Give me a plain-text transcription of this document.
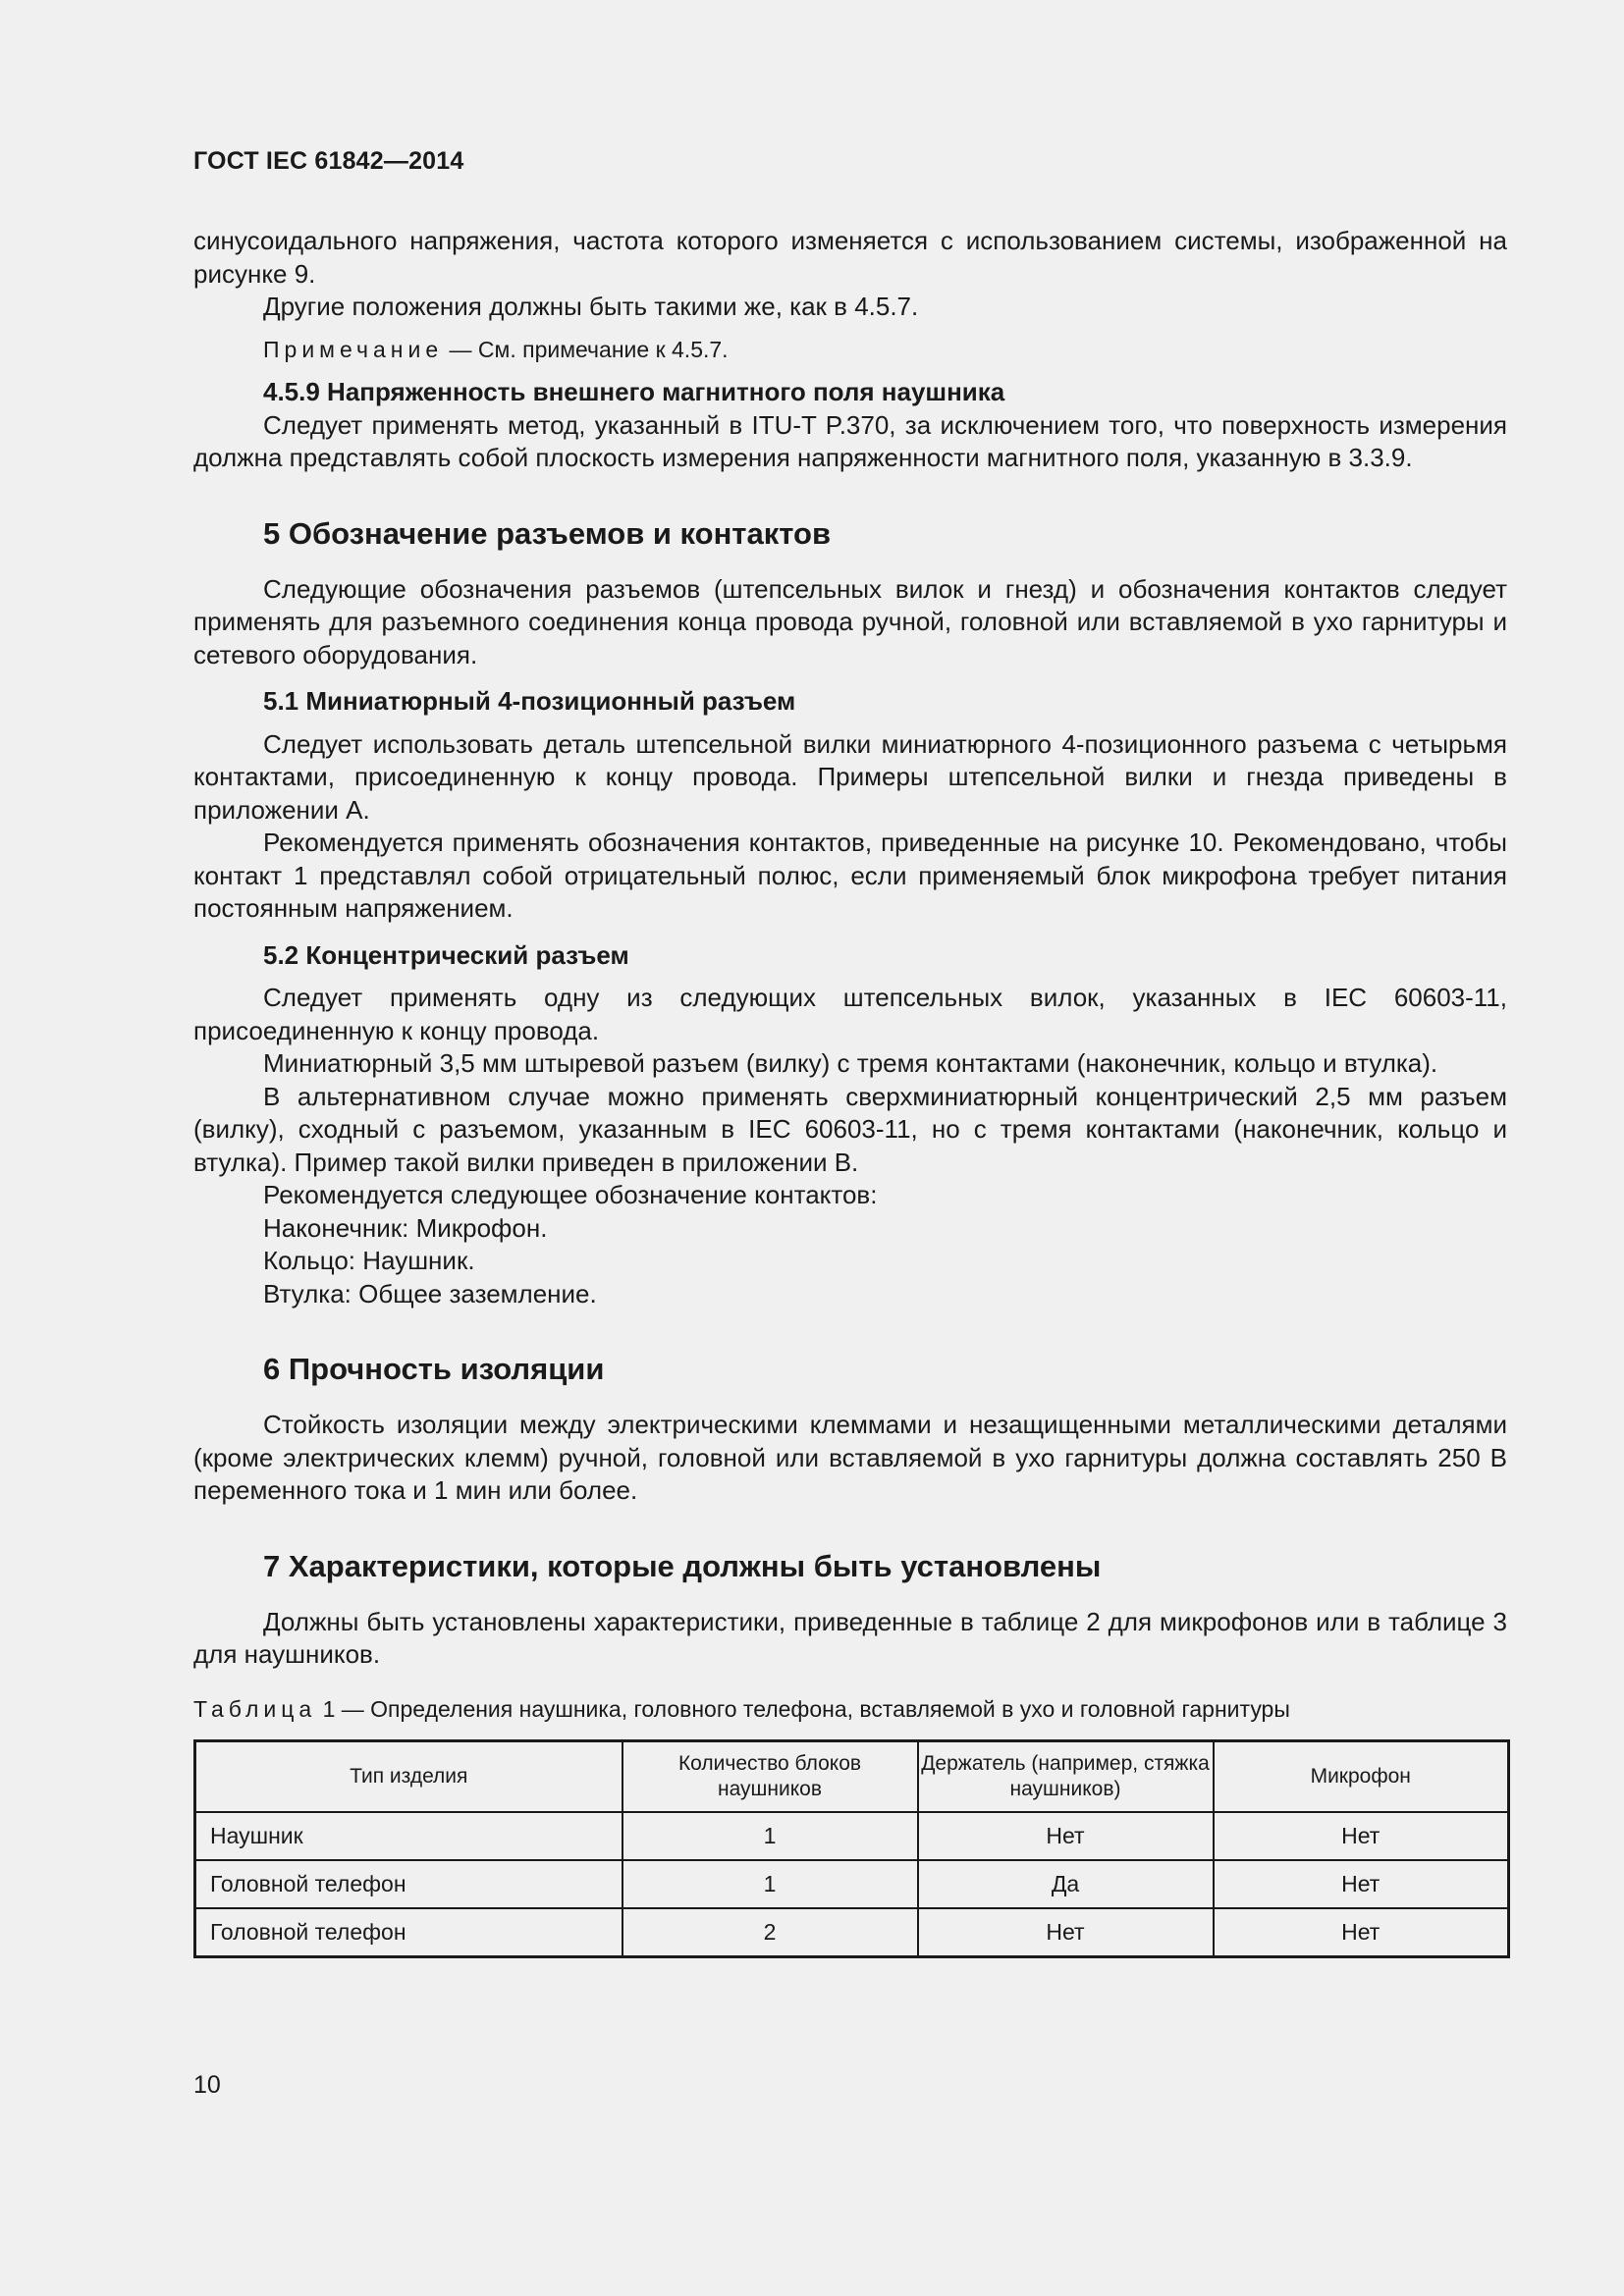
ГОСТ IEC 61842—2014

синусоидального напряжения, частота которого изменяется с использованием системы, изображенной на рисунке 9.

Другие положения должны быть такими же, как в 4.5.7.

Примечание — См. примечание к 4.5.7.

4.5.9 Напряженность внешнего магнитного поля наушника

Следует применять метод, указанный в ITU-T P.370, за исключением того, что поверхность измерения должна представлять собой плоскость измерения напряженности магнитного поля, указанную в 3.3.9.

5 Обозначение разъемов и контактов

Следующие обозначения разъемов (штепсельных вилок и гнезд) и обозначения контактов следует применять для разъемного соединения конца провода ручной, головной или вставляемой в ухо гарнитуры и сетевого оборудования.

5.1 Миниатюрный 4-позиционный разъем

Следует использовать деталь штепсельной вилки миниатюрного 4-позиционного разъема с четырьмя контактами, присоединенную к концу провода. Примеры штепсельной вилки и гнезда приведены в приложении А.

Рекомендуется применять обозначения контактов, приведенные на рисунке 10. Рекомендовано, чтобы контакт 1 представлял собой отрицательный полюс, если применяемый блок микрофона требует питания постоянным напряжением.

5.2 Концентрический разъем

Следует применять одну из следующих штепсельных вилок, указанных в IEC 60603-11, присоединенную к концу провода.

Миниатюрный 3,5 мм штыревой разъем (вилку) с тремя контактами (наконечник, кольцо и втулка).

В альтернативном случае можно применять сверхминиатюрный концентрический 2,5 мм разъем (вилку), сходный с разъемом, указанным в IEC 60603-11, но с тремя контактами (наконечник, кольцо и втулка). Пример такой вилки приведен в приложении В.

Рекомендуется следующее обозначение контактов:

Наконечник: Микрофон.

Кольцо: Наушник.

Втулка: Общее заземление.

6 Прочность изоляции

Стойкость изоляции между электрическими клеммами и незащищенными металлическими деталями (кроме электрических клемм) ручной, головной или вставляемой в ухо гарнитуры должна составлять 250 В переменного тока и 1 мин или более.

7 Характеристики, которые должны быть установлены

Должны быть установлены характеристики, приведенные в таблице 2 для микрофонов или в таблице 3 для наушников.

Таблица 1 — Определения наушника, головного телефона, вставляемой в ухо и головной гарнитуры

Тип изделия	Количество блоков наушников	Держатель (например, стяжка наушников)	Микрофон
Наушник	1	Нет	Нет
Головной телефон	1	Да	Нет
Головной телефон	2	Нет	Нет
10
